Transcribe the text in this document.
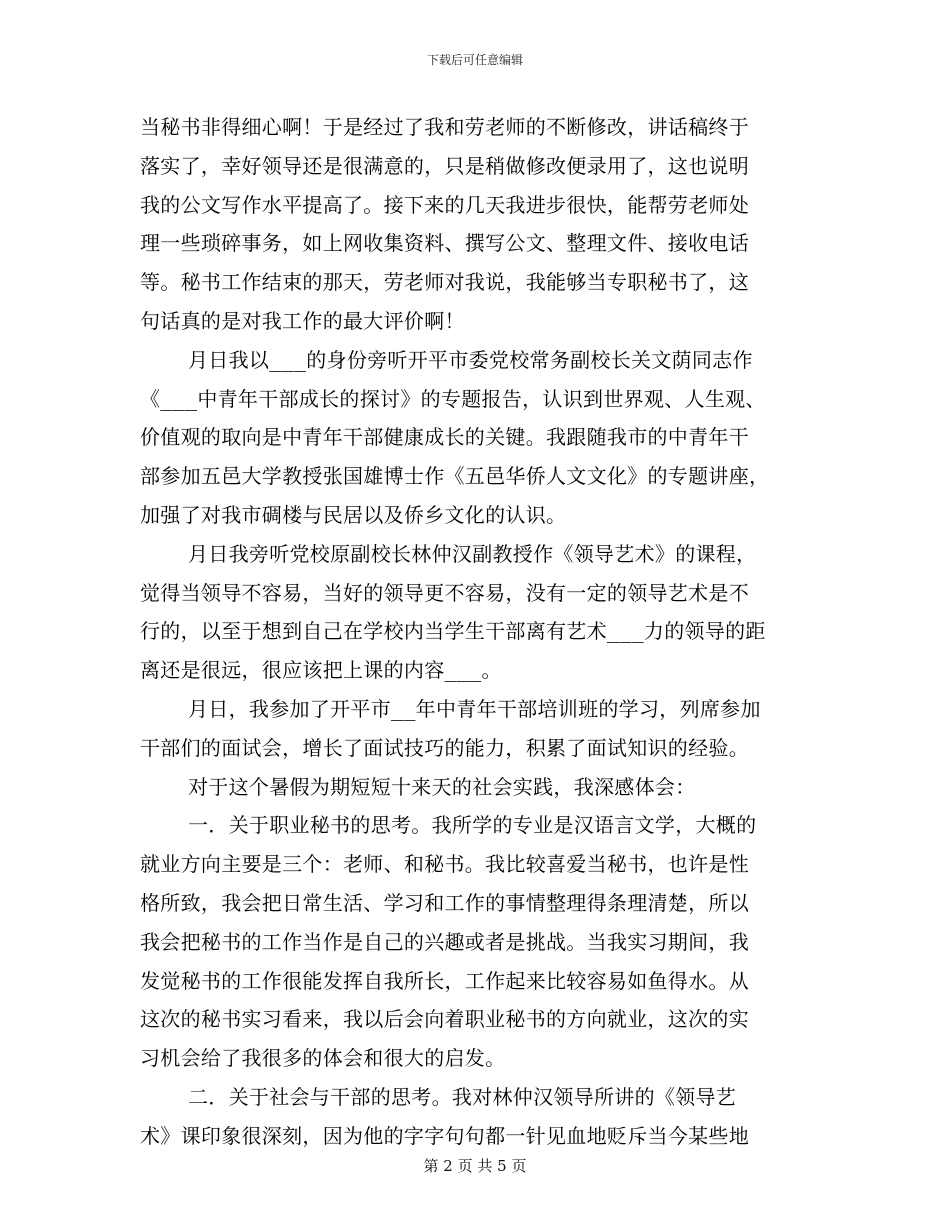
下载后可任意编辑
当秘书非得细心啊！于是经过了我和劳老师的不断修改，讲话稿终于
落实了，幸好领导还是很满意的，只是稍做修改便录用了，这也说明
我的公文写作水平提高了。接下来的几天我进步很快，能帮劳老师处
理一些琐碎事务，如上网收集资料、撰写公文、整理文件、接收电话
等。秘书工作结束的那天，劳老师对我说，我能够当专职秘书了，这
句话真的是对我工作的最大评价啊！
月日我以___的身份旁听开平市委党校常务副校长关文荫同志作
《___中青年干部成长的探讨》的专题报告，认识到世界观、人生观、
价值观的取向是中青年干部健康成长的关键。我跟随我市的中青年干
部参加五邑大学教授张国雄博士作《五邑华侨人文文化》的专题讲座，
加强了对我市碉楼与民居以及侨乡文化的认识。
月日我旁听党校原副校长林仲汉副教授作《领导艺术》的课程，
觉得当领导不容易，当好的领导更不容易，没有一定的领导艺术是不
行的，以至于想到自己在学校内当学生干部离有艺术___力的领导的距
离还是很远，很应该把上课的内容___。
月日，我参加了开平市__年中青年干部培训班的学习，列席参加
干部们的面试会，增长了面试技巧的能力，积累了面试知识的经验。
对于这个暑假为期短短十来天的社会实践，我深感体会：
一．关于职业秘书的思考。我所学的专业是汉语言文学，大概的
就业方向主要是三个：老师、和秘书。我比较喜爱当秘书，也许是性
格所致，我会把日常生活、学习和工作的事情整理得条理清楚，所以
我会把秘书的工作当作是自己的兴趣或者是挑战。当我实习期间，我
发觉秘书的工作很能发挥自我所长，工作起来比较容易如鱼得水。从
这次的秘书实习看来，我以后会向着职业秘书的方向就业，这次的实
习机会给了我很多的体会和很大的启发。
二．关于社会与干部的思考。我对林仲汉领导所讲的《领导艺
术》课印象很深刻，因为他的字字句句都一针见血地贬斥当今某些地
第 2 页 共 5 页
